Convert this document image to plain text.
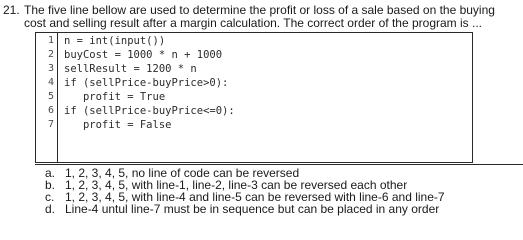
21. The five line bellow are used to determine the profit or loss of a sale based on the buying cost and selling result after a margin calculation. The correct order of the program is ...
1
2
3
4
5
6
7
n = int(input())
buyCost = 1000 * n + 1000
sellResult = 1200 * n
if (sellPrice-buyPrice>0):
profit = True
if (sellPrice-buyPrice<=0):
profit = False
a. 1, 2, 3, 4, 5, no line of code can be reversed
b. 1, 2, 3, 4, 5, with line-1, line-2, line-3 can be reversed each other
c. 1, 2, 3, 4, 5, with line-4 and line-5 can be reversed with line-6 and line-7
d. Line-4 untul line-7 must be in sequence but can be placed in any order
